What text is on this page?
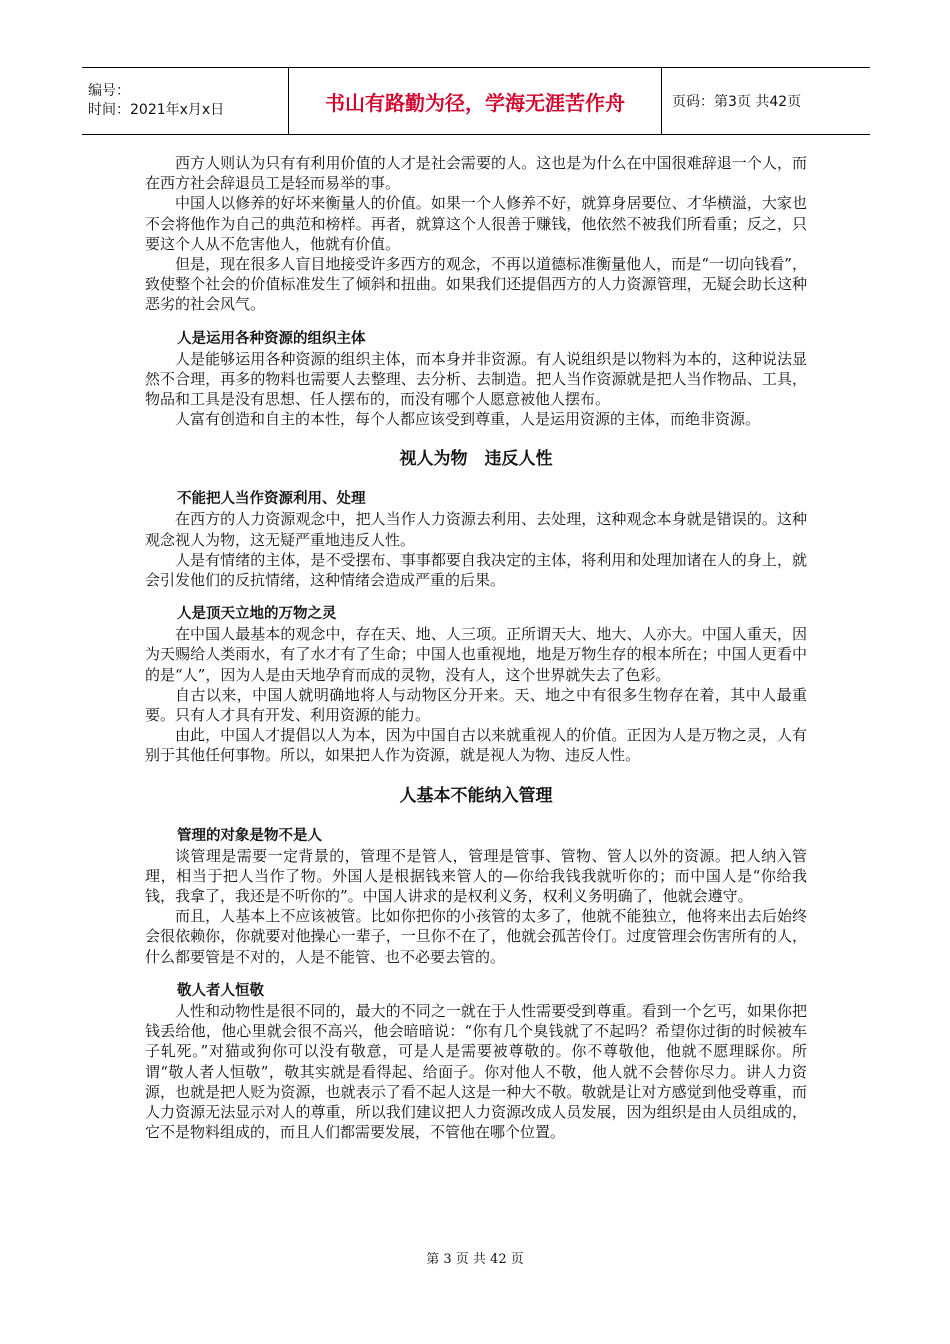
编号：
时间：2021年x月x日	书山有路勤为径，学海无涯苦作舟	页码：第3页 共42页

西方人则认为只有有利用价值的人才是社会需要的人。这也是为什么在中国很难辞退一个人，而在西方社会辞退员工是轻而易举的事。

中国人以修养的好坏来衡量人的价值。如果一个人修养不好，就算身居要位、才华横溢，大家也不会将他作为自己的典范和榜样。再者，就算这个人很善于赚钱，他依然不被我们所看重；反之，只要这个人从不危害他人，他就有价值。

但是，现在很多人盲目地接受许多西方的观念，不再以道德标准衡量他人，而是“一切向钱看”，致使整个社会的价值标准发生了倾斜和扭曲。如果我们还提倡西方的人力资源管理，无疑会助长这种恶劣的社会风气。

人是运用各种资源的组织主体

人是能够运用各种资源的组织主体，而本身并非资源。有人说组织是以物料为本的，这种说法显然不合理，再多的物料也需要人去整理、去分析、去制造。把人当作资源就是把人当作物品、工具，物品和工具是没有思想、任人摆布的，而没有哪个人愿意被他人摆布。

人富有创造和自主的本性，每个人都应该受到尊重，人是运用资源的主体，而绝非资源。

视人为物　违反人性
不能把人当作资源利用、处理

在西方的人力资源观念中，把人当作人力资源去利用、去处理，这种观念本身就是错误的。这种观念视人为物，这无疑严重地违反人性。

人是有情绪的主体，是不受摆布、事事都要自我决定的主体，将利用和处理加诸在人的身上，就会引发他们的反抗情绪，这种情绪会造成严重的后果。

人是顶天立地的万物之灵

在中国人最基本的观念中，存在天、地、人三项。正所谓天大、地大、人亦大。中国人重天，因为天赐给人类雨水，有了水才有了生命；中国人也重视地，地是万物生存的根本所在；中国人更看中的是“人”，因为人是由天地孕育而成的灵物，没有人，这个世界就失去了色彩。

自古以来，中国人就明确地将人与动物区分开来。天、地之中有很多生物存在着，其中人最重要。只有人才具有开发、利用资源的能力。

由此，中国人才提倡以人为本，因为中国自古以来就重视人的价值。正因为人是万物之灵，人有别于其他任何事物。所以，如果把人作为资源，就是视人为物、违反人性。

人基本不能纳入管理
管理的对象是物不是人

谈管理是需要一定背景的，管理不是管人，管理是管事、管物、管人以外的资源。把人纳入管理，相当于把人当作了物。外国人是根据钱来管人的—你给我钱我就听你的；而中国人是“你给我钱，我拿了，我还是不听你的”。中国人讲求的是权利义务，权利义务明确了，他就会遵守。

而且，人基本上不应该被管。比如你把你的小孩管的太多了，他就不能独立，他将来出去后始终会很依赖你，你就要对他操心一辈子，一旦你不在了，他就会孤苦伶仃。过度管理会伤害所有的人，什么都要管是不对的，人是不能管、也不必要去管的。

敬人者人恒敬

人性和动物性是很不同的，最大的不同之一就在于人性需要受到尊重。看到一个乞丐，如果你把钱丢给他，他心里就会很不高兴，他会暗暗说：“你有几个臭钱就了不起吗？希望你过街的时候被车子轧死。”对猫或狗你可以没有敬意，可是人是需要被尊敬的。你不尊敬他，他就不愿理睬你。所谓“敬人者人恒敬”，敬其实就是看得起、给面子。你对他人不敬，他人就不会替你尽力。讲人力资源，也就是把人贬为资源，也就表示了看不起人这是一种大不敬。敬就是让对方感觉到他受尊重，而人力资源无法显示对人的尊重，所以我们建议把人力资源改成人员发展，因为组织是由人员组成的，它不是物料组成的，而且人们都需要发展，不管他在哪个位置。

第 3 页 共 42 页
